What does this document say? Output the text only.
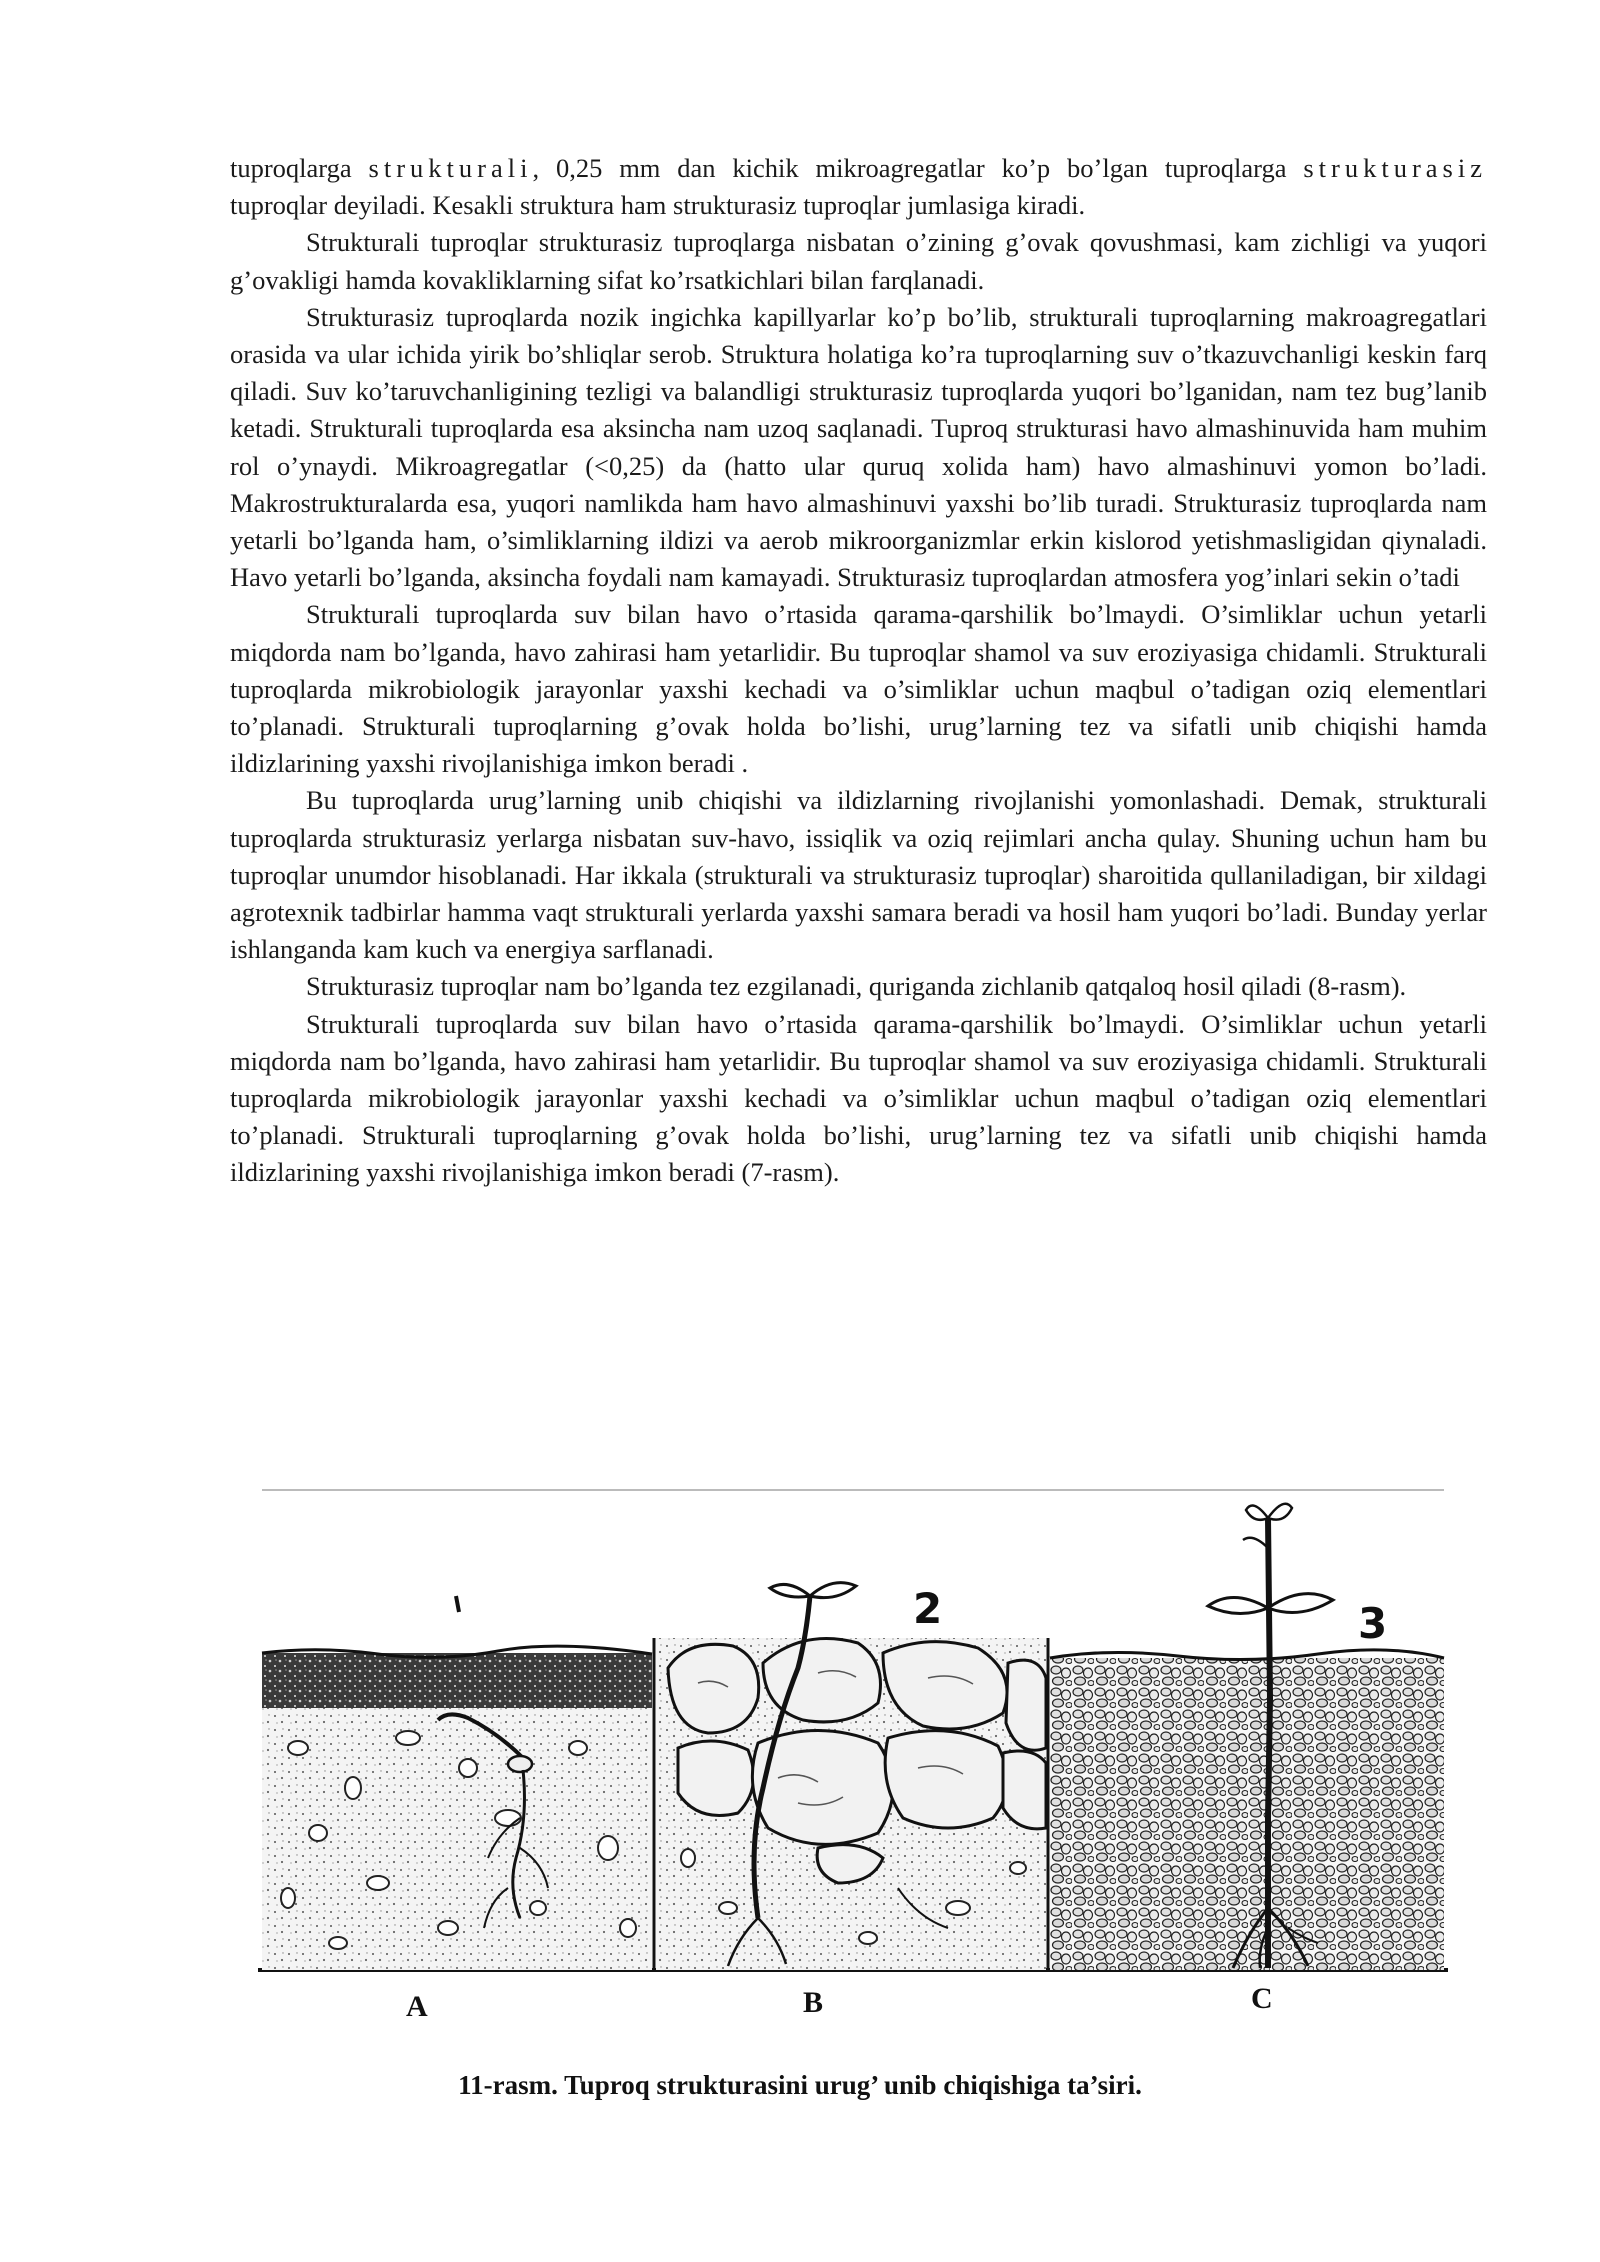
tuproqlarga strukturali, 0,25 mm dan kichik mikroagregatlar ko’p bo’lgan tuproqlarga strukturasiz tuproqlar deyiladi. Kesakli struktura ham strukturasiz tuproqlar jumlasiga kiradi.

Strukturali tuproqlar strukturasiz tuproqlarga nisbatan o’zining g’ovak qovushmasi, kam zichligi va yuqori g’ovakligi hamda kovakliklarning sifat ko’rsatkichlari bilan farqlanadi.

Strukturasiz tuproqlarda nozik ingichka kapillyarlar ko’p bo’lib, strukturali tuproqlarning makroagregatlari orasida va ular ichida yirik bo’shliqlar serob. Struktura holatiga ko’ra tuproqlarning suv o’tkazuvchanligi keskin farq qiladi. Suv ko’taruvchanligining tezligi va balandligi strukturasiz tuproqlarda yuqori bo’lganidan, nam tez bug’lanib ketadi. Strukturali tuproqlarda esa aksincha nam uzoq saqlanadi. Tuproq strukturasi havo almashinuvida ham muhim rol o’ynaydi. Mikroagregatlar (<0,25) da (hatto ular quruq xolida ham) havo almashinuvi yomon bo’ladi. Makrostrukturalarda esa, yuqori namlikda ham havo almashinuvi yaxshi bo’lib turadi. Strukturasiz tuproqlarda nam yetarli bo’lganda ham, o’simliklarning ildizi va aerob mikroorganizmlar erkin kislorod yetishmasligidan qiynaladi. Havo yetarli bo’lganda, aksincha foydali nam kamayadi. Strukturasiz tuproqlardan atmosfera yog’inlari sekin o’tadi

Strukturali tuproqlarda suv bilan havo o’rtasida qarama-qarshilik bo’lmaydi. O’simliklar uchun yetarli miqdorda nam bo’lganda, havo zahirasi ham yetarlidir. Bu tuproqlar shamol va suv eroziyasiga chidamli. Strukturali tuproqlarda mikrobiologik jarayonlar yaxshi kechadi va o’simliklar uchun maqbul o’tadigan oziq elementlari to’planadi. Strukturali tuproqlarning g’ovak holda bo’lishi, urug’larning tez va sifatli unib chiqishi hamda ildizlarining yaxshi rivojlanishiga imkon beradi .

Bu tuproqlarda urug’larning unib chiqishi va ildizlarning rivojlanishi yomonlashadi. Demak, strukturali tuproqlarda strukturasiz yerlarga nisbatan suv-havo, issiqlik va oziq rejimlari ancha qulay. Shuning uchun ham bu tuproqlar unumdor hisoblanadi. Har ikkala (strukturali va strukturasiz tuproqlar) sharoitida qullaniladigan, bir xildagi agrotexnik tadbirlar hamma vaqt strukturali yerlarda yaxshi samara beradi va hosil ham yuqori bo’ladi. Bunday yerlar ishlanganda kam kuch va energiya sarflanadi.

Strukturasiz tuproqlar nam bo’lganda tez ezgilanadi, quriganda zichlanib qatqaloq hosil qiladi (8-rasm).

Strukturali tuproqlarda suv bilan havo o’rtasida qarama-qarshilik bo’lmaydi. O’simliklar uchun yetarli miqdorda nam bo’lganda, havo zahirasi ham yetarlidir. Bu tuproqlar shamol va suv eroziyasiga chidamli. Strukturali tuproqlarda mikrobiologik jarayonlar yaxshi kechadi va o’simliklar uchun maqbul o’tadigan oziq elementlari to’planadi. Strukturali tuproqlarning g’ovak holda bo’lishi, urug’larning tez va sifatli unib chiqishi hamda ildizlarining yaxshi rivojlanishiga imkon beradi (7-rasm).

2	3
A	B	C
11-rasm. Tuproq strukturasini urug’ unib chiqishiga ta’siri.
